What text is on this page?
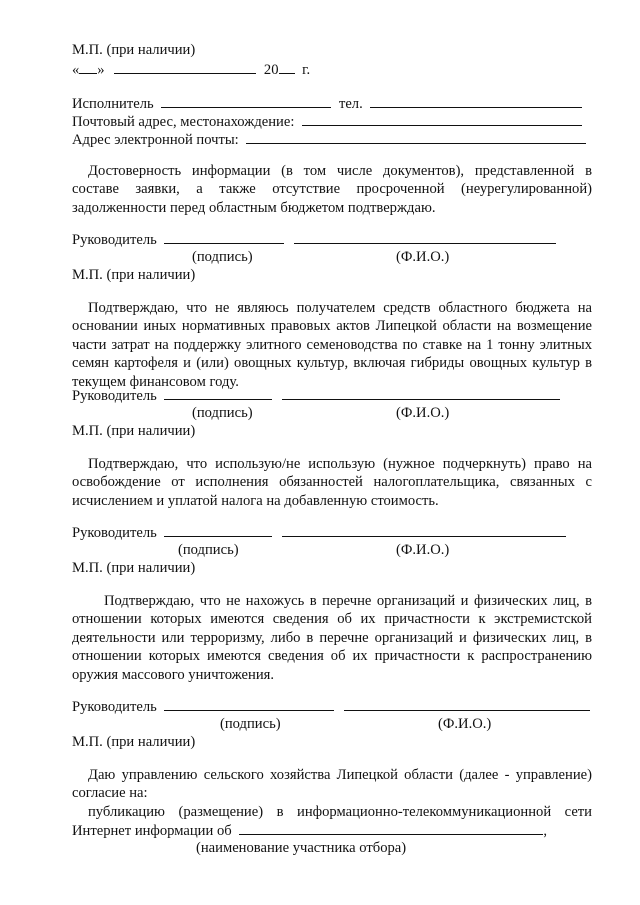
М.П. (при наличии)
« »	20 г.
Исполнитель	тел.
Почтовый адрес, местонахождение:
Адрес электронной почты:
Достоверность информации (в том числе документов), представленной в составе заявки, а также отсутствие просроченной (неурегулированной) задолженности перед областным бюджетом подтверждаю.
Руководитель
(подпись)	(Ф.И.О.)
М.П. (при наличии)
Подтверждаю, что не являюсь получателем средств областного бюджета на основании иных нормативных правовых актов Липецкой области на возмещение части затрат на поддержку элитного семеноводства по ставке на 1 тонну элитных семян картофеля и (или) овощных культур, включая гибриды овощных культур в текущем финансовом году.
Руководитель
(подпись)	(Ф.И.О.)
М.П. (при наличии)
Подтверждаю, что использую/не использую (нужное подчеркнуть) право на освобождение от исполнения обязанностей налогоплательщика, связанных с исчислением и уплатой налога на добавленную стоимость.
Руководитель
(подпись)	(Ф.И.О.)
М.П. (при наличии)
Подтверждаю, что не нахожусь в перечне организаций и физических лиц, в отношении которых имеются сведения об их причастности к экстремистской деятельности или терроризму, либо в перечне организаций и физических лиц, в отношении которых имеются сведения об их причастности к распространению оружия массового уничтожения.
Руководитель
(подпись)	(Ф.И.О.)
М.П. (при наличии)
Даю управлению сельского хозяйства Липецкой области (далее - управление) согласие на:
публикацию (размещение) в информационно-телекоммуникационной сети Интернет информации об	,
(наименование участника отбора)
